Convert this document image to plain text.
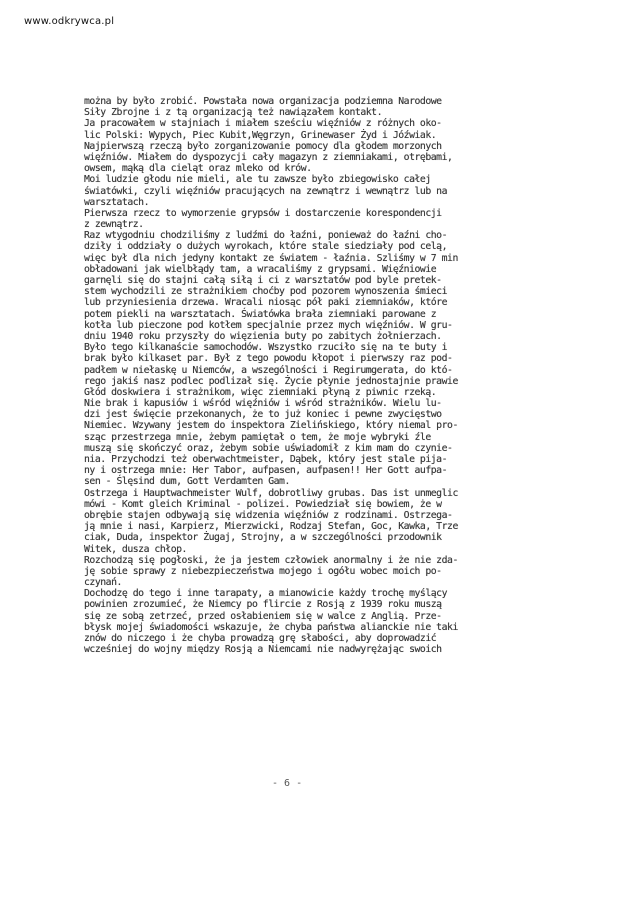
www.odkrywca.pl
można by było zrobić. Powstała nowa organizacja podziemna Narodowe
Siły Zbrojne i z tą organizacją też nawiązałem kontakt.
Ja pracowałem w stajniach i miałem sześciu więźniów z różnych oko-
lic Polski: Wypych, Piec Kubit,Węgrzyn, Grinewaser Żyd i Jóźwiak.
Najpierwszą rzeczą było zorganizowanie pomocy dla głodem morzonych
więźniów. Miałem do dyspozycji cały magazyn z ziemniakami, otrębami,
owsem, mąką dla cieląt oraz mleko od krów.
Moi ludzie głodu nie mieli, ale tu zawsze było zbiegowisko całej
światówki, czyli więźniów pracujących na zewnątrz i wewnątrz lub na
warsztatach.
Pierwsza rzecz to wymorzenie grypsów i dostarczenie korespondencji
z zewnątrz.
Raz wtygodniu chodziliśmy z ludźmi do łaźni, ponieważ do łaźni cho-
dziły i oddziały o dużych wyrokach, które stale siedziały pod celą,
więc był dla nich jedyny kontakt ze światem - łaźnia. Szliśmy w 7 min
obładowani jak wielbłądy tam, a wracaliśmy z grypsami. Więźniowie
garnęli się do stajni całą siłą i ci z warsztatów pod byle pretek-
stem wychodzili ze strażnikiem choćby pod pozorem wynoszenia śmieci
lub przyniesienia drzewa. Wracali niosąc pół paki ziemniaków, które
potem piekli na warsztatach. Światówka brała ziemniaki parowane z
kotła lub pieczone pod kotłem specjalnie przez mych więźniów. W gru-
dniu 1940 roku przyszły do więzienia buty po zabitych żołnierzach.
Było tego kilkanaście samochodów. Wszystko rzuciło się na te buty i
brak było kilkaset par. Był z tego powodu kłopot i pierwszy raz pod-
padłem w niełaskę u Niemców, a wszególności i Regirumgerata, do któ-
rego jakiś nasz podlec podlizał się. Życie płynie jednostajnie prawie
Głód doskwiera i strażnikom, więc ziemniaki płyną z piwnic rzeką.
Nie brak i kapusiów i wśród więźniów i wśród strażników. Wielu lu-
dzi jest święcie przekonanych, że to już koniec i pewne zwycięstwo
Niemiec. Wzywany jestem do inspektora Zielińskiego, który niemal pro-
sząc przestrzega mnie, żebym pamiętał o tem, że moje wybryki źle
muszą się skończyć oraz, żebym sobie uświadomił z kim mam do czynie-
nia. Przychodzi też oberwachtmeister, Dąbek, który jest stale pija-
ny i ostrzega mnie: Her Tabor, aufpasen, aufpasen!! Her Gott aufpa-
sen - Ślęsind dum, Gott Verdamten Gam.
Ostrzega i Hauptwachmeister Wulf, dobrotliwy grubas. Das ist unmeglic
mówi - Komt gleich Kriminal - polizei. Powiedział się bowiem, że w
obrębie stajen odbywają się widzenia więźniów z rodzinami. Ostrzega-
ją mnie i nasi, Karpierz, Mierzwicki, Rodzaj Stefan, Goc, Kawka, Trze
ciak, Duda, inspektor Żugaj, Strojny, a w szczególności przodownik
Witek, dusza chłop.
Rozchodzą się pogłoski, że ja jestem człowiek anormalny i że nie zda-
ję sobie sprawy z niebezpieczeństwa mojego i ogółu wobec moich po-
czynań.
Dochodzę do tego i inne tarapaty, a mianowicie każdy trochę myślący
powinien zrozumieć, że Niemcy po flircie z Rosją z 1939 roku muszą
się ze sobą zetrzeć, przed osłabieniem się w walce z Anglią. Prze-
błysk mojej świadomości wskazuje, że chyba państwa alianckie nie taki
znów do niczego i że chyba prowadzą grę słabości, aby doprowadzić
wcześniej do wojny między Rosją a Niemcami nie nadwyrężając swoich
- 6 -
